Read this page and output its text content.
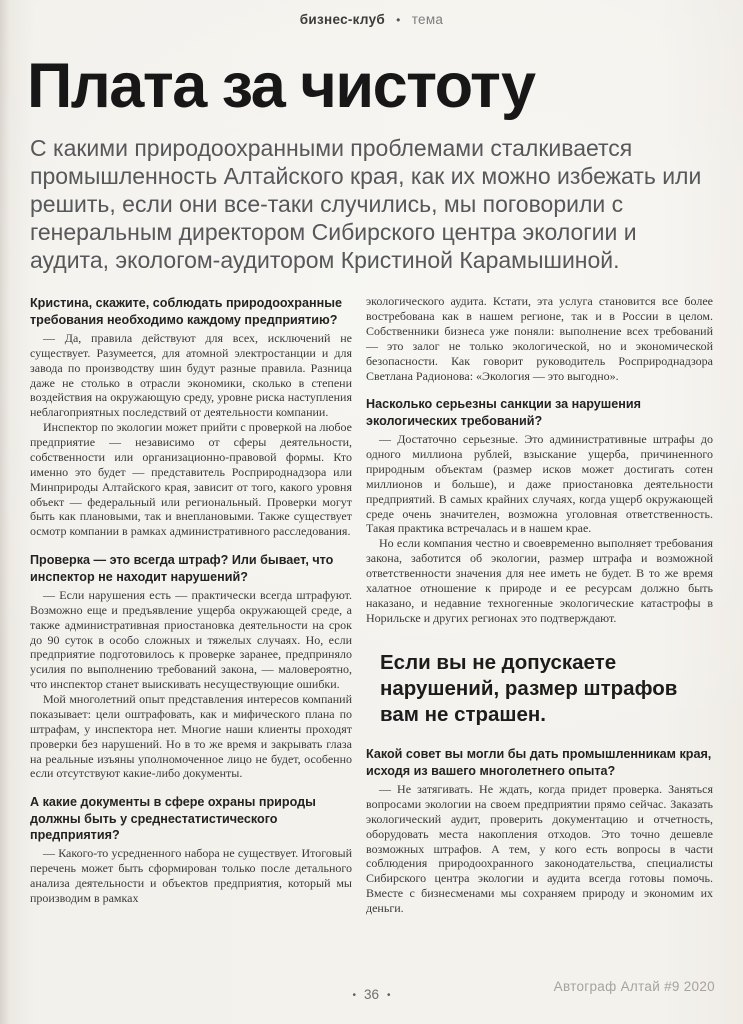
бизнес-клуб • тема
Плата за чистоту

С какими природоохранными проблемами сталкивается промышленность Алтайского края, как их можно избежать или решить, если они все-таки случились, мы поговорили с генеральным директором Сибирского центра экологии и аудита, экологом-аудитором Кристиной Карамышиной.

Кристина, скажите, соблюдать природоохранные требования необходимо каждому предприятию?

— Да, правила действуют для всех, исключений не существует. Разумеется, для атомной электростанции и для завода по производству шин будут разные правила. Разница даже не столько в отрасли экономики, сколько в степени воздействия на окружающую среду, уровне риска наступления неблагоприятных последствий от деятельности компании.

Инспектор по экологии может прийти с проверкой на любое предприятие — независимо от сферы деятельности, собственности или организационно-правовой формы. Кто именно это будет — представитель Росприроднадзора или Минприроды Алтайского края, зависит от того, какого уровня объект — федеральный или региональный. Проверки могут быть как плановыми, так и внеплановыми. Также существует осмотр компании в рамках административного расследования.

Проверка — это всегда штраф? Или бывает, что инспектор не находит нарушений?

— Если нарушения есть — практически всегда штрафуют. Возможно еще и предъявление ущерба окружающей среде, а также административная приостановка деятельности на срок до 90 суток в особо сложных и тяжелых случаях. Но, если предприятие подготовилось к проверке заранее, предприняло усилия по выполнению требований закона, — маловероятно, что инспектор станет выискивать несуществующие ошибки.

Мой многолетний опыт представления интересов компаний показывает: цели оштрафовать, как и мифического плана по штрафам, у инспектора нет. Многие наши клиенты проходят проверки без нарушений. Но в то же время и закрывать глаза на реальные изъяны уполномоченное лицо не будет, особенно если отсутствуют какие-либо документы.

А какие документы в сфере охраны природы должны быть у среднестатистического предприятия?

— Какого-то усредненного набора не существует. Итоговый перечень может быть сформирован только после детального анализа деятельности и объектов предприятия, который мы производим в рамках

экологического аудита. Кстати, эта услуга становится все более востребована как в нашем регионе, так и в России в целом. Собственники бизнеса уже поняли: выполнение всех требований — это залог не только экологической, но и экономической безопасности. Как говорит руководитель Росприроднадзора Светлана Радионова: «Экология — это выгодно».

Насколько серьезны санкции за нарушения экологических требований?

— Достаточно серьезные. Это административные штрафы до одного миллиона рублей, взыскание ущерба, причиненного природным объектам (размер исков может достигать сотен миллионов и больше), и даже приостановка деятельности предприятий. В самых крайних случаях, когда ущерб окружающей среде очень значителен, возможна уголовная ответственность. Такая практика встречалась и в нашем крае.

Но если компания честно и своевременно выполняет требования закона, заботится об экологии, размер штрафа и возможной ответственности значения для нее иметь не будет. В то же время халатное отношение к природе и ее ресурсам должно быть наказано, и недавние техногенные экологические катастрофы в Норильске и других регионах это подтверждают.

Если вы не допускаете нарушений, размер штрафов вам не страшен.
Какой совет вы могли бы дать промышленникам края, исходя из вашего многолетнего опыта?

— Не затягивать. Не ждать, когда придет проверка. Заняться вопросами экологии на своем предприятии прямо сейчас. Заказать экологический аудит, проверить документацию и отчетность, оборудовать места накопления отходов. Это точно дешевле возможных штрафов. А тем, у кого есть вопросы в части соблюдения природоохранного законодательства, специалисты Сибирского центра экологии и аудита всегда готовы помочь. Вместе с бизнесменами мы сохраняем природу и экономим их деньги.

• 36 •
Автограф Алтай #9 2020
